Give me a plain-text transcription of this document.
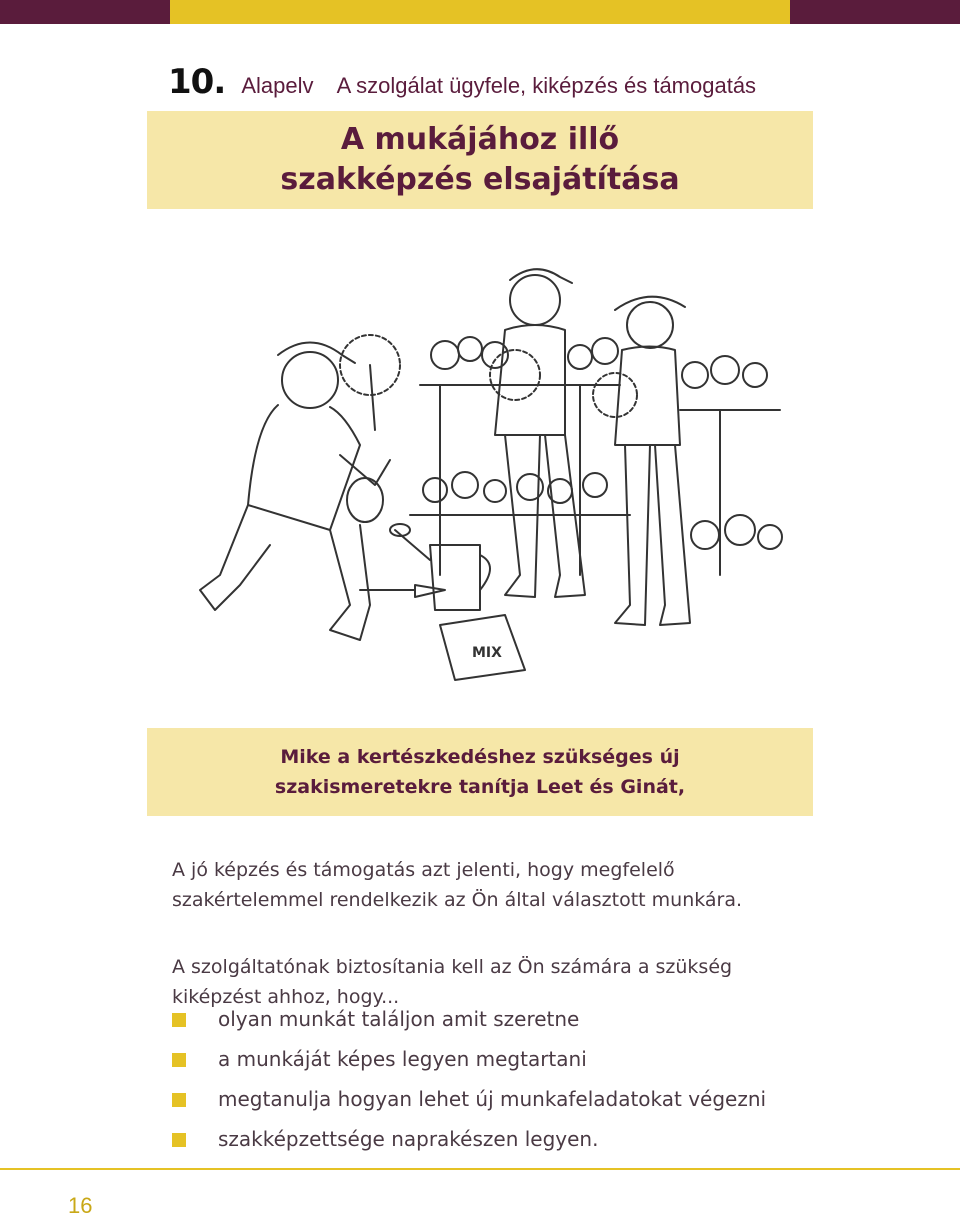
10. Alapelv A szolgálat ügyfele, kiképzés és támogatás
A mukájához illő szakképzés elsajátítása
MIX

Mike a kertészkedéshez szükséges új szakismeretekre tanítja Leet és Ginát,

A jó képzés és támogatás azt jelenti, hogy megfelelő szakértelemmel rendelkezik az Ön által választott munkára.

A szolgáltatónak biztosítania kell az Ön számára a szükség kiképzést ahhoz, hogy...

olyan munkát találjon amit szeretne
a munkáját képes legyen megtartani
megtanulja hogyan lehet új munkafeladatokat végezni
szakképzettsége naprakészen legyen.
16
